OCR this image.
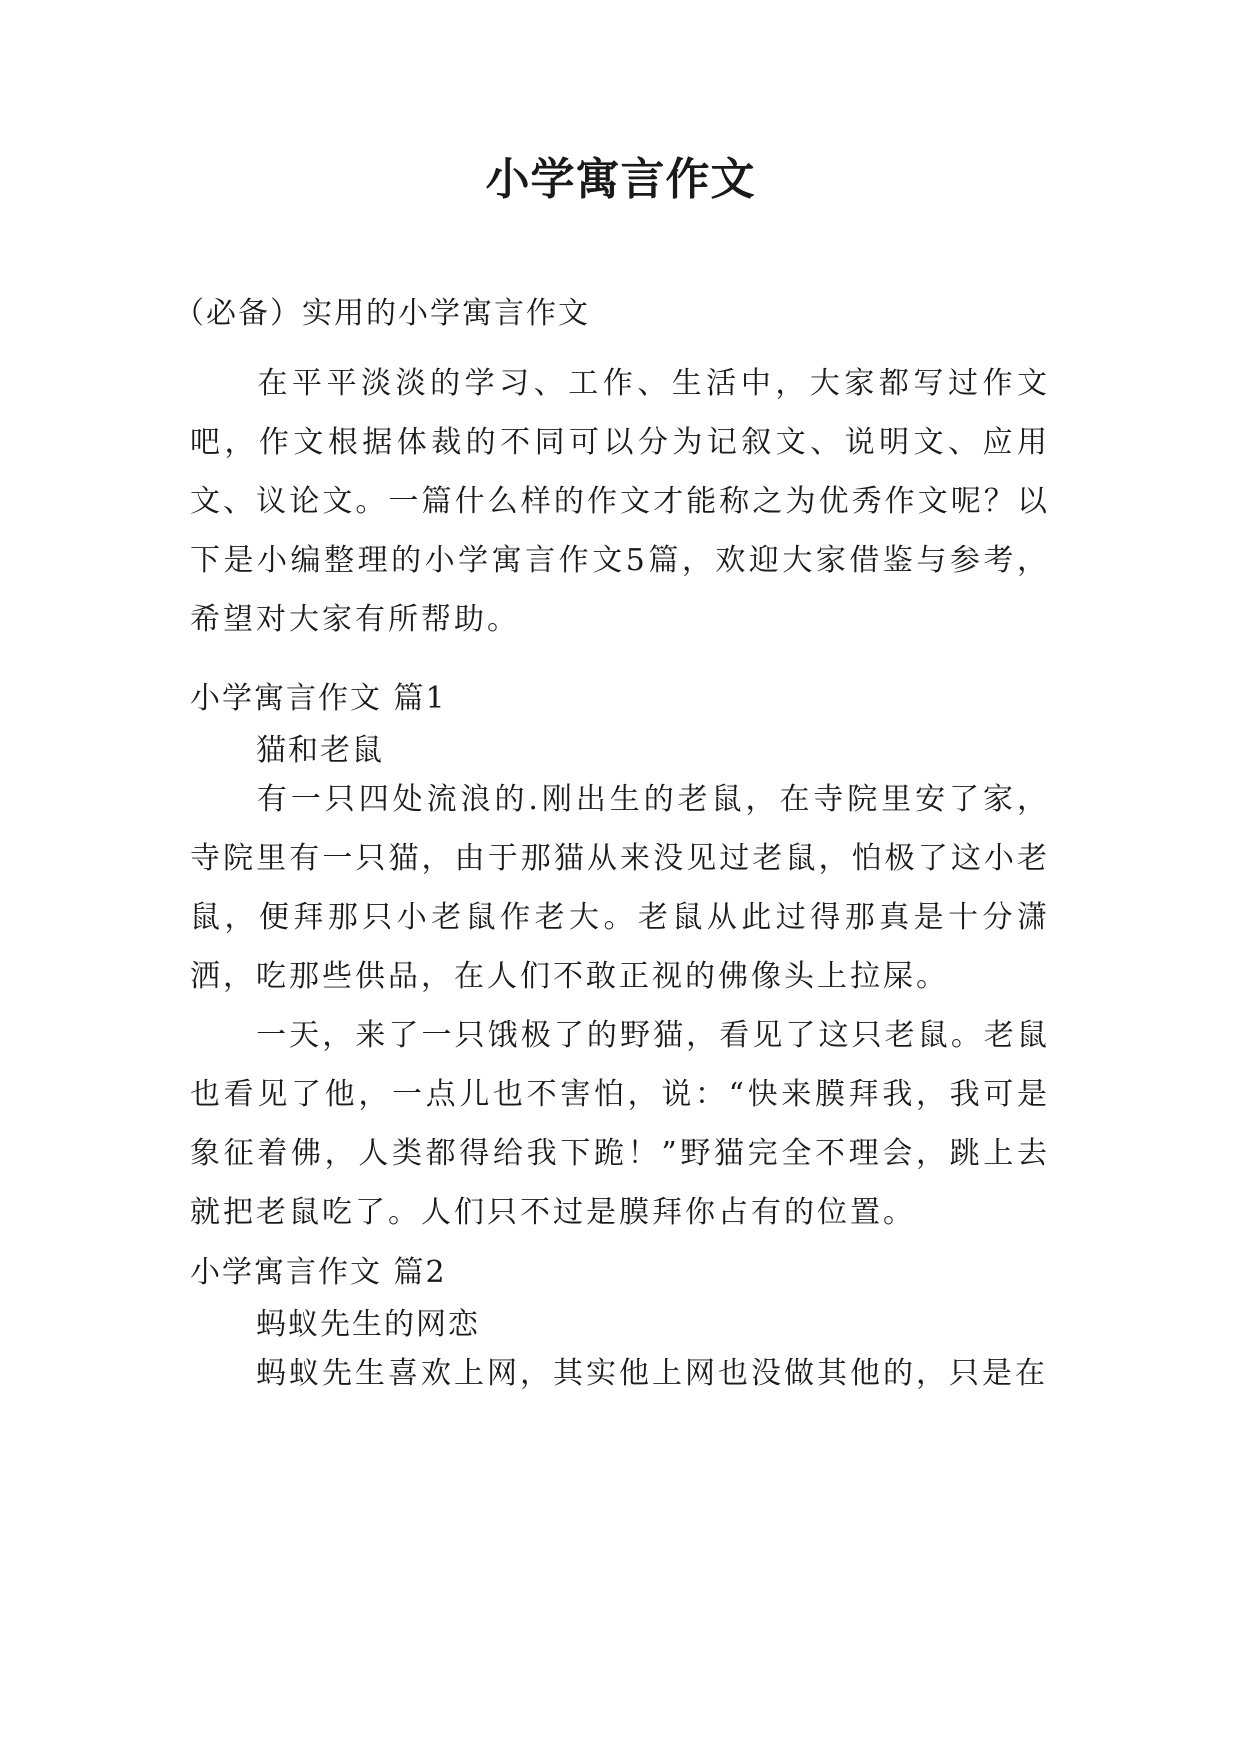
小学寓言作文
（必备）实用的小学寓言作文
在平平淡淡的学习、工作、生活中，大家都写过作文吧，作文根据体裁的不同可以分为记叙文、说明文、应用文、议论文。一篇什么样的作文才能称之为优秀作文呢？以下是小编整理的小学寓言作文5篇，欢迎大家借鉴与参考，希望对大家有所帮助。
小学寓言作文 篇1
猫和老鼠
有一只四处流浪的.刚出生的老鼠，在寺院里安了家，寺院里有一只猫，由于那猫从来没见过老鼠，怕极了这小老鼠，便拜那只小老鼠作老大。老鼠从此过得那真是十分潇洒，吃那些供品，在人们不敢正视的佛像头上拉屎。
一天，来了一只饿极了的野猫，看见了这只老鼠。老鼠也看见了他，一点儿也不害怕，说：“快来膜拜我，我可是象征着佛，人类都得给我下跪！”野猫完全不理会，跳上去就把老鼠吃了。人们只不过是膜拜你占有的位置。
小学寓言作文 篇2
蚂蚁先生的网恋
蚂蚁先生喜欢上网，其实他上网也没做其他的，只是在
